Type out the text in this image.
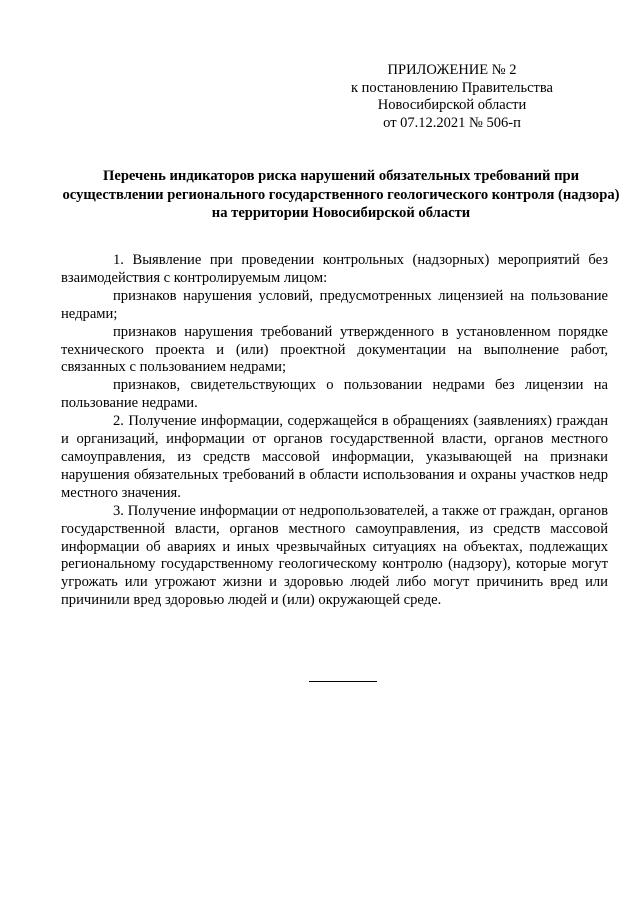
ПРИЛОЖЕНИЕ № 2
к постановлению Правительства
Новосибирской области
от 07.12.2021 № 506-п
Перечень индикаторов риска нарушений обязательных требований при осуществлении регионального государственного геологического контроля (надзора) на территории Новосибирской области

1. Выявление при проведении контрольных (надзорных) мероприятий без взаимодействия с контролируемым лицом:

признаков нарушения условий, предусмотренных лицензией на пользование недрами;

признаков нарушения требований утвержденного в установленном порядке технического проекта и (или) проектной документации на выполнение работ, связанных с пользованием недрами;

признаков, свидетельствующих о пользовании недрами без лицензии на пользование недрами.

2. Получение информации, содержащейся в обращениях (заявлениях) граждан и организаций, информации от органов государственной власти, органов местного самоуправления, из средств массовой информации, указывающей на признаки нарушения обязательных требований в области использования и охраны участков недр местного значения.

3. Получение информации от недропользователей, а также от граждан, органов государственной власти, органов местного самоуправления, из средств массовой информации об авариях и иных чрезвычайных ситуациях на объектах, подлежащих региональному государственному геологическому контролю (надзору), которые могут угрожать или угрожают жизни и здоровью людей либо могут причинить вред или причинили вред здоровью людей и (или) окружающей среде.
